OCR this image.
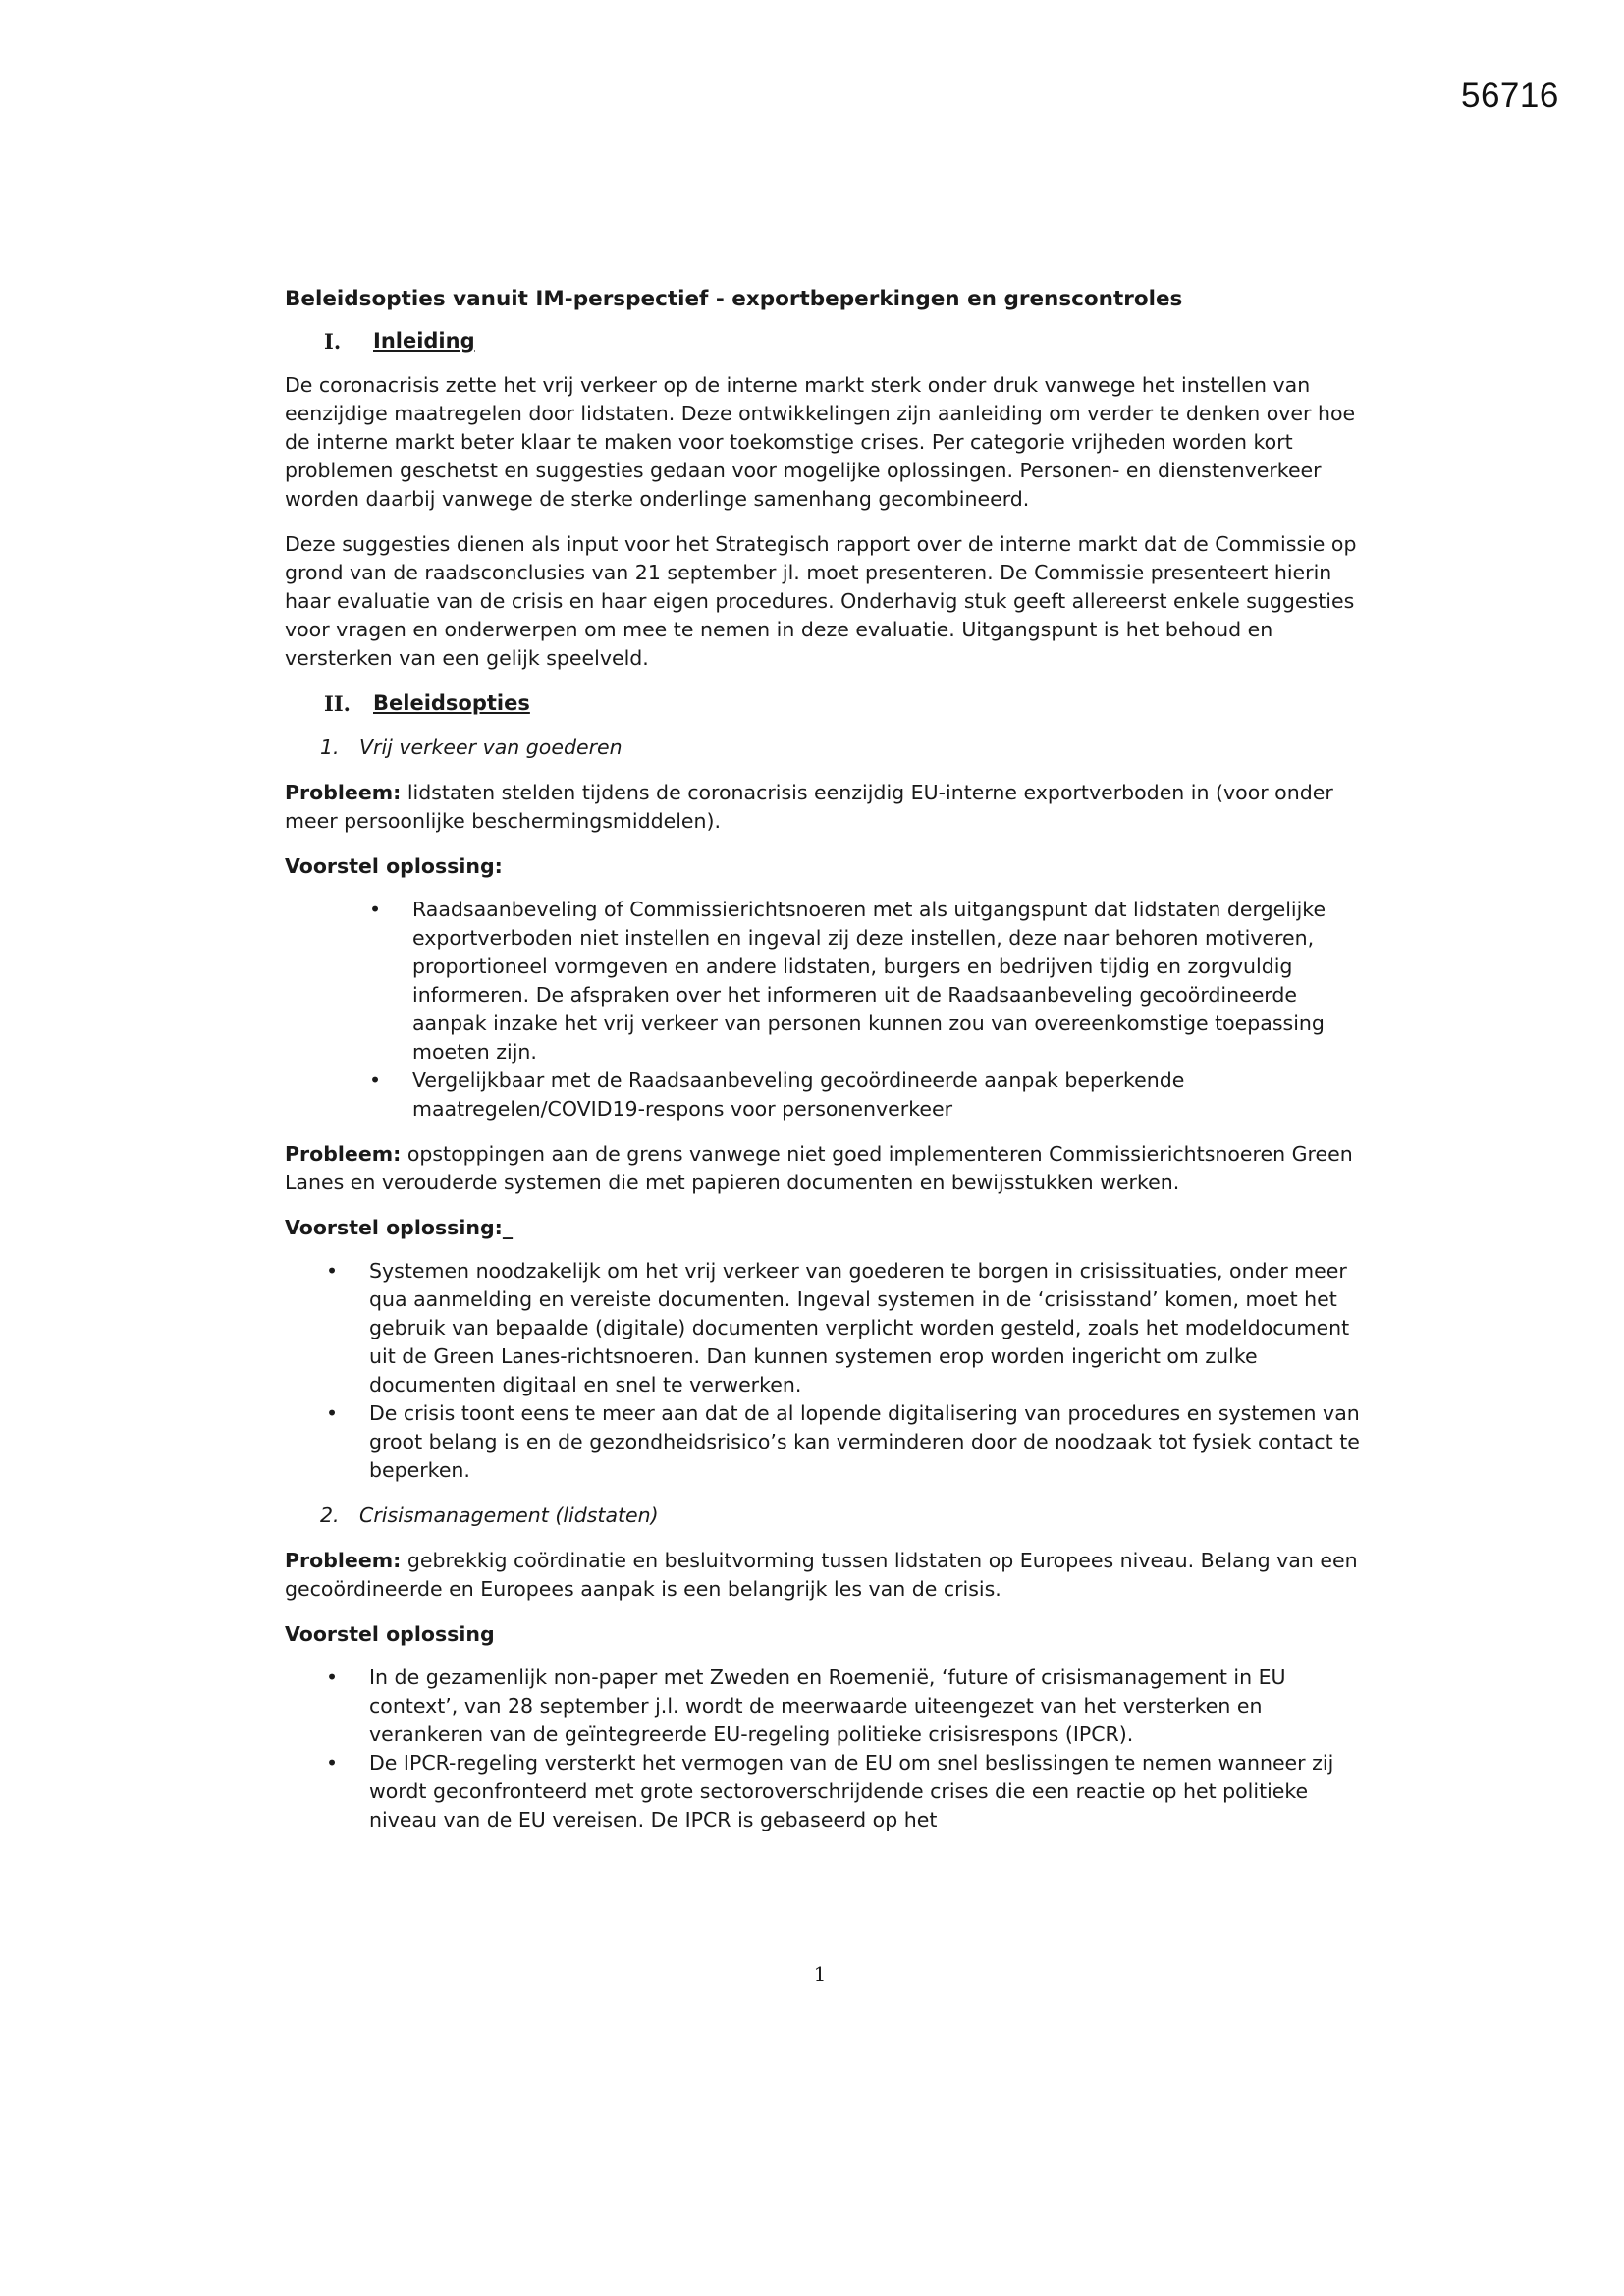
56716
Beleidsopties vanuit IM-perspectief - exportbeperkingen en grenscontroles
I.	Inleiding

De coronacrisis zette het vrij verkeer op de interne markt sterk onder druk vanwege het instellen van eenzijdige maatregelen door lidstaten. Deze ontwikkelingen zijn aanleiding om verder te denken over hoe de interne markt beter klaar te maken voor toekomstige crises. Per categorie vrijheden worden kort problemen geschetst en suggesties gedaan voor mogelijke oplossingen. Personen- en dienstenverkeer worden daarbij vanwege de sterke onderlinge samenhang gecombineerd.

Deze suggesties dienen als input voor het Strategisch rapport over de interne markt dat de Commissie op grond van de raadsconclusies van 21 september jl. moet presenteren. De Commissie presenteert hierin haar evaluatie van de crisis en haar eigen procedures. Onderhavig stuk geeft allereerst enkele suggesties voor vragen en onderwerpen om mee te nemen in deze evaluatie. Uitgangspunt is het behoud en versterken van een gelijk speelveld.

II.	Beleidsopties
1. Vrij verkeer van goederen

Probleem: lidstaten stelden tijdens de coronacrisis eenzijdig EU-interne exportverboden in (voor onder meer persoonlijke beschermingsmiddelen).

Voorstel oplossing:
• Raadsaanbeveling of Commissierichtsnoeren met als uitgangspunt dat lidstaten dergelijke exportverboden niet instellen en ingeval zij deze instellen, deze naar behoren motiveren, proportioneel vormgeven en andere lidstaten, burgers en bedrijven tijdig en zorgvuldig informeren. De afspraken over het informeren uit de Raadsaanbeveling gecoördineerde aanpak inzake het vrij verkeer van personen kunnen zou van overeenkomstige toepassing moeten zijn.
• Vergelijkbaar met de Raadsaanbeveling gecoördineerde aanpak beperkende maatregelen/COVID19-respons voor personenverkeer

Probleem: opstoppingen aan de grens vanwege niet goed implementeren Commissierichtsnoeren Green Lanes en verouderde systemen die met papieren documenten en bewijsstukken werken.

Voorstel oplossing:_
• Systemen noodzakelijk om het vrij verkeer van goederen te borgen in crisissituaties, onder meer qua aanmelding en vereiste documenten. Ingeval systemen in de ‘crisisstand’ komen, moet het gebruik van bepaalde (digitale) documenten verplicht worden gesteld, zoals het modeldocument uit de Green Lanes-richtsnoeren. Dan kunnen systemen erop worden ingericht om zulke documenten digitaal en snel te verwerken.
• De crisis toont eens te meer aan dat de al lopende digitalisering van procedures en systemen van groot belang is en de gezondheidsrisico’s kan verminderen door de noodzaak tot fysiek contact te beperken.
2. Crisismanagement (lidstaten)

Probleem: gebrekkig coördinatie en besluitvorming tussen lidstaten op Europees niveau. Belang van een gecoördineerde en Europees aanpak is een belangrijk les van de crisis.

Voorstel oplossing
• In de gezamenlijk non-paper met Zweden en Roemenië, ‘future of crisismanagement in EU context’, van 28 september j.l. wordt de meerwaarde uiteengezet van het versterken en verankeren van de geïntegreerde EU-regeling politieke crisisrespons (IPCR).
• De IPCR-regeling versterkt het vermogen van de EU om snel beslissingen te nemen wanneer zij wordt geconfronteerd met grote sectoroverschrijdende crises die een reactie op het politieke niveau van de EU vereisen. De IPCR is gebaseerd op het
1
